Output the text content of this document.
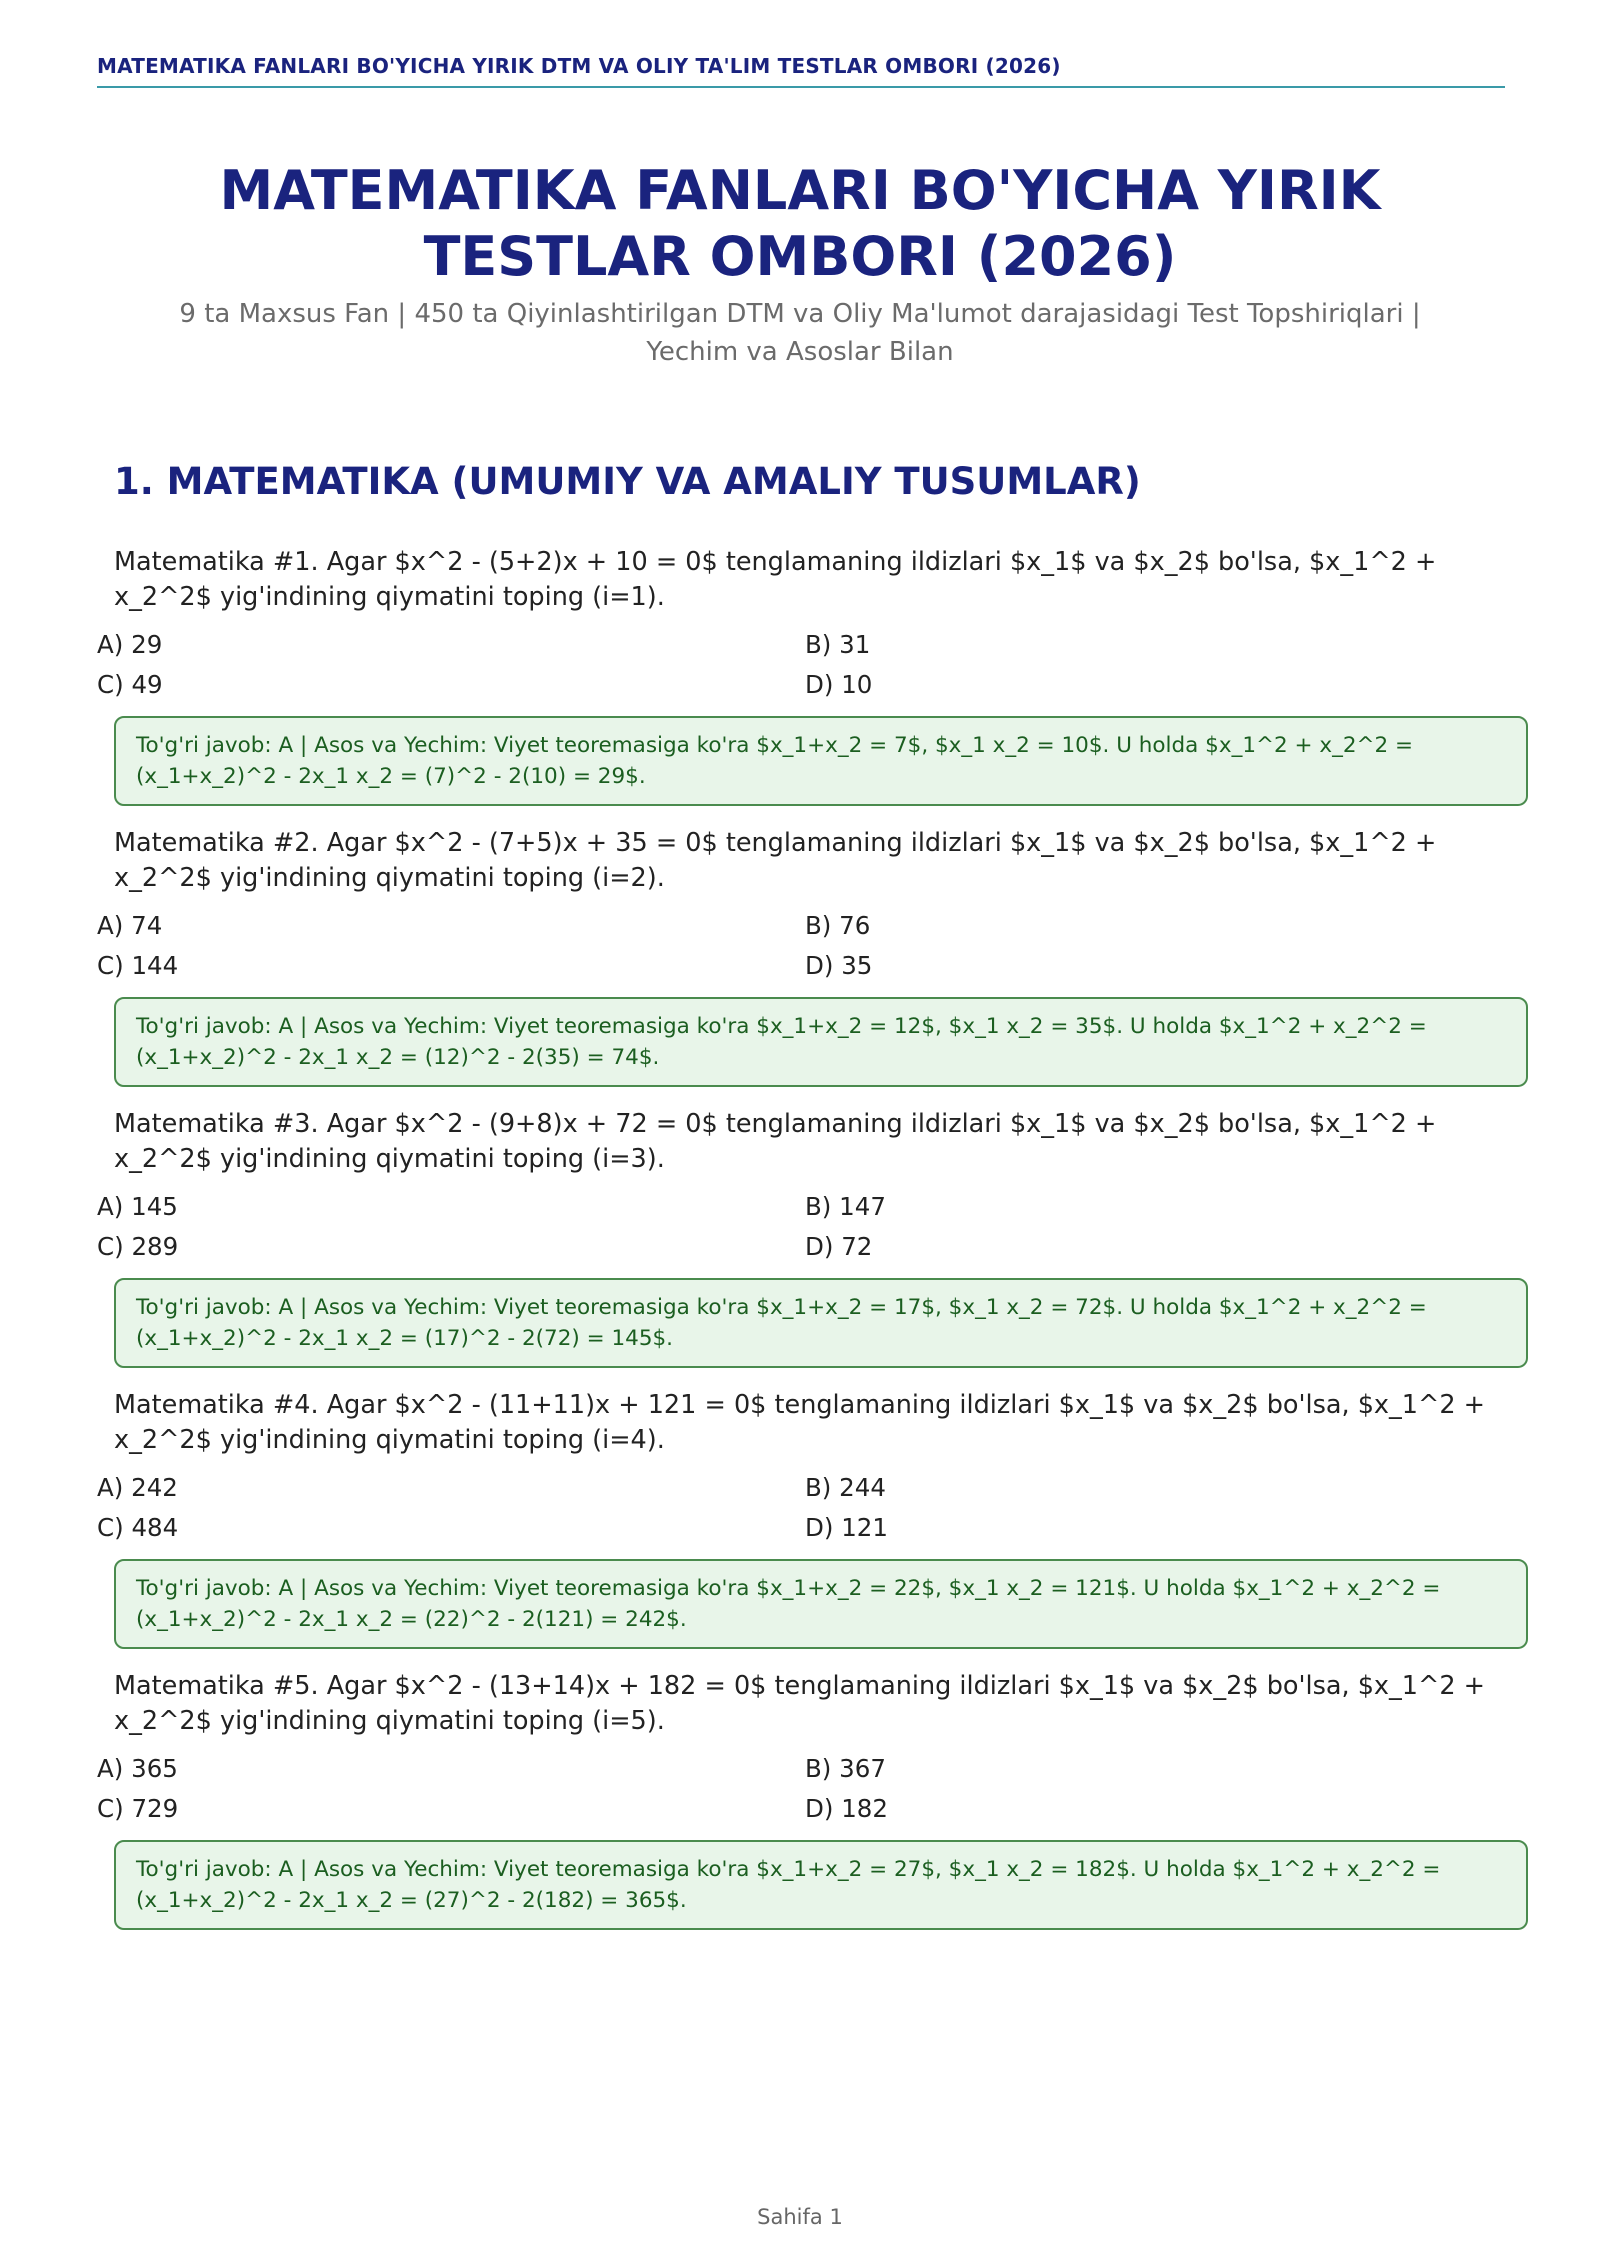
MATEMATIKA FANLARI BO'YICHA YIRIK DTM VA OLIY TA'LIM TESTLAR OMBORI (2026)
MATEMATIKA FANLARI BO'YICHA YIRIK
TESTLAR OMBORI (2026)

9 ta Maxsus Fan | 450 ta Qiyinlashtirilgan DTM va Oliy Ma'lumot darajasidagi Test Topshiriqlari |
Yechim va Asoslar Bilan

1. MATEMATIKA (UMUMIY VA AMALIY TUSUMLAR)
Matematika #1. Agar $x^2 - (5+2)x + 10 = 0$ tenglamaning ildizlari $x_1$ va $x_2$ bo'lsa, $x_1^2 + x_2^2$ yig'indining qiymatini toping (i=1).
A) 29	B) 31
C) 49	D) 10
To'g'ri javob: A | Asos va Yechim: Viyet teoremasiga ko'ra $x_1+x_2 = 7$, $x_1 x_2 = 10$. U holda $x_1^2 + x_2^2 = (x_1+x_2)^2 - 2x_1 x_2 = (7)^2 - 2(10) = 29$.
Matematika #2. Agar $x^2 - (7+5)x + 35 = 0$ tenglamaning ildizlari $x_1$ va $x_2$ bo'lsa, $x_1^2 + x_2^2$ yig'indining qiymatini toping (i=2).
A) 74	B) 76
C) 144	D) 35
To'g'ri javob: A | Asos va Yechim: Viyet teoremasiga ko'ra $x_1+x_2 = 12$, $x_1 x_2 = 35$. U holda $x_1^2 + x_2^2 = (x_1+x_2)^2 - 2x_1 x_2 = (12)^2 - 2(35) = 74$.
Matematika #3. Agar $x^2 - (9+8)x + 72 = 0$ tenglamaning ildizlari $x_1$ va $x_2$ bo'lsa, $x_1^2 + x_2^2$ yig'indining qiymatini toping (i=3).
A) 145	B) 147
C) 289	D) 72
To'g'ri javob: A | Asos va Yechim: Viyet teoremasiga ko'ra $x_1+x_2 = 17$, $x_1 x_2 = 72$. U holda $x_1^2 + x_2^2 = (x_1+x_2)^2 - 2x_1 x_2 = (17)^2 - 2(72) = 145$.
Matematika #4. Agar $x^2 - (11+11)x + 121 = 0$ tenglamaning ildizlari $x_1$ va $x_2$ bo'lsa, $x_1^2 + x_2^2$ yig'indining qiymatini toping (i=4).
A) 242	B) 244
C) 484	D) 121
To'g'ri javob: A | Asos va Yechim: Viyet teoremasiga ko'ra $x_1+x_2 = 22$, $x_1 x_2 = 121$. U holda $x_1^2 + x_2^2 = (x_1+x_2)^2 - 2x_1 x_2 = (22)^2 - 2(121) = 242$.
Matematika #5. Agar $x^2 - (13+14)x + 182 = 0$ tenglamaning ildizlari $x_1$ va $x_2$ bo'lsa, $x_1^2 + x_2^2$ yig'indining qiymatini toping (i=5).
A) 365	B) 367
C) 729	D) 182
To'g'ri javob: A | Asos va Yechim: Viyet teoremasiga ko'ra $x_1+x_2 = 27$, $x_1 x_2 = 182$. U holda $x_1^2 + x_2^2 = (x_1+x_2)^2 - 2x_1 x_2 = (27)^2 - 2(182) = 365$.
Sahifa 1
